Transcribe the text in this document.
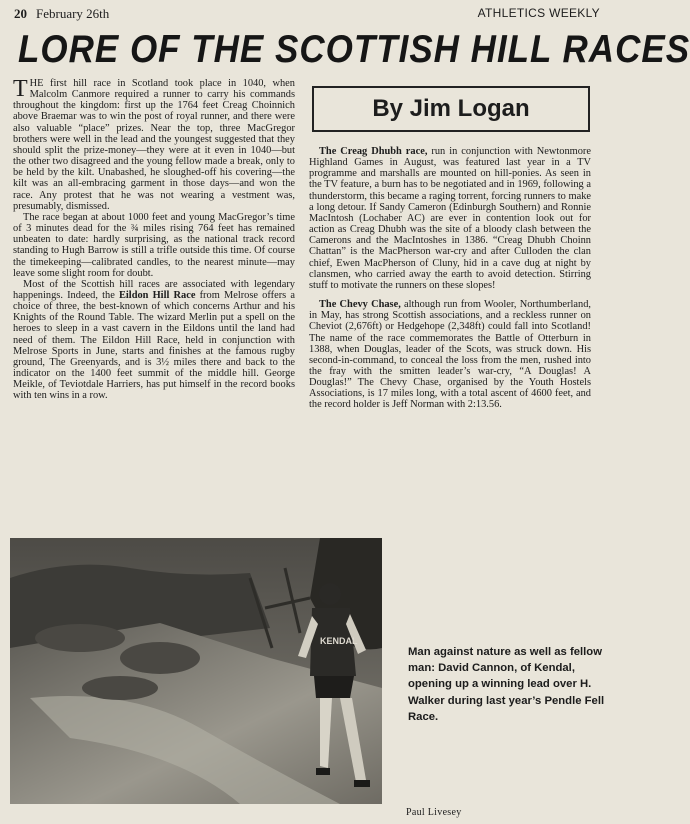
20 February 26th	ATHLETICS WEEKLY
LORE OF THE SCOTTISH HILL RACES

THE first hill race in Scotland took place in 1040, when Malcolm Canmore required a runner to carry his commands throughout the kingdom: first up the 1764 feet Creag Choinnich above Braemar was to win the post of royal runner, and there were also valuable “place” prizes. Near the top, three MacGregor brothers were well in the lead and the youngest suggested that they should split the prize-money—they were at it even in 1040—but the other two disagreed and the young fellow made a break, only to be held by the kilt. Unabashed, he sloughed-off his covering—the kilt was an all-embracing garment in those days—and won the race. Any protest that he was not wearing a vestment was, presumably, dismissed.

The race began at about 1000 feet and young MacGregor’s time of 3 minutes dead for the ¾ miles rising 764 feet has remained unbeaten to date: hardly surprising, as the national track record standing to Hugh Barrow is still a trifle outside this time. Of course the timekeeping—calibrated candles, to the nearest minute—may leave some slight room for doubt.

Most of the Scottish hill races are associated with legendary happenings. Indeed, the Eildon Hill Race from Melrose offers a choice of three, the best-known of which concerns Arthur and his Knights of the Round Table. The wizard Merlin put a spell on the heroes to sleep in a vast cavern in the Eildons until the land had need of them. The Eildon Hill Race, held in conjunction with Melrose Sports in June, starts and finishes at the famous rugby ground, The Greenyards, and is 3½ miles there and back to the indicator on the 1400 feet summit of the middle hill. George Meikle, of Teviotdale Harriers, has put himself in the record books with ten wins in a row.

By Jim Logan

The Creag Dhubh race, run in conjunction with Newtonmore Highland Games in August, was featured last year in a TV programme and marshalls are mounted on hill-ponies. As seen in the TV feature, a burn has to be negotiated and in 1969, following a thunderstorm, this became a raging torrent, forcing runners to make a long detour. If Sandy Cameron (Edinburgh Southern) and Ronnie MacIntosh (Lochaber AC) are ever in contention look out for action as Creag Dhubh was the site of a bloody clash between the Camerons and the MacIntoshes in 1386. “Creag Dhubh Choinn Chattan” is the MacPherson war-cry and after Culloden the clan chief, Ewen MacPherson of Cluny, hid in a cave dug at night by clansmen, who carried away the earth to avoid detection. Stirring stuff to motivate the runners on these slopes!

The Chevy Chase, although run from Wooler, Northumberland, in May, has strong Scottish associations, and a reckless runner on Cheviot (2,676ft) or Hedgehope (2,348ft) could fall into Scotland! The name of the race commemorates the Battle of Otterburn in 1388, when Douglas, leader of the Scots, was struck down. His second-in-command, to conceal the loss from the men, rushed into the fray with the smitten leader’s war-cry, “A Douglas! A Douglas!” The Chevy Chase, organised by the Youth Hostels Associations, is 17 miles long, with a total ascent of 4600 feet, and the record holder is Jeff Norman with 2:13.56.

KENDAL
Man against nature as well as fellow man: David Cannon, of Kendal, opening up a winning lead over H. Walker during last year’s Pendle Fell Race.
Paul Livesey
